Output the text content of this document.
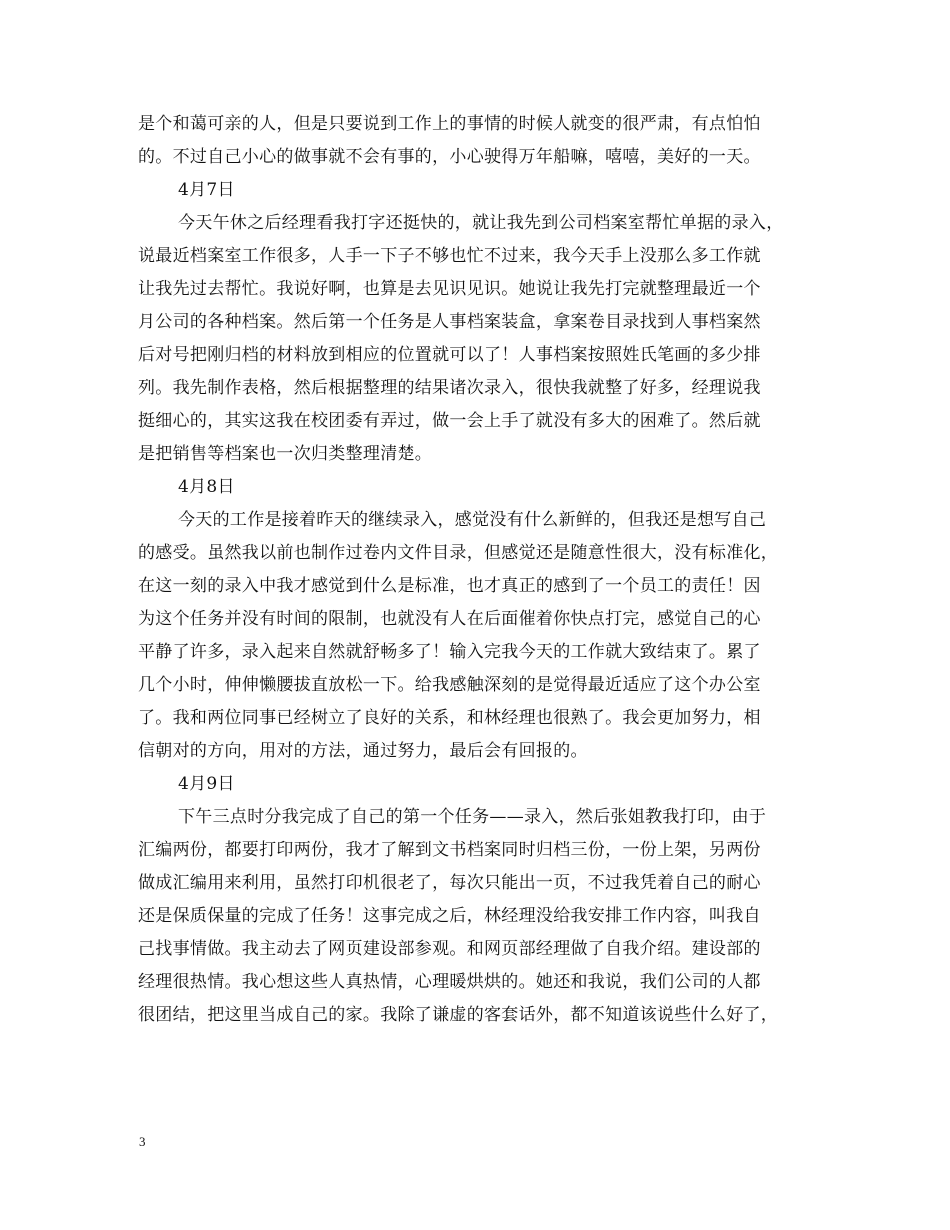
是个和蔼可亲的人，但是只要说到工作上的事情的时候人就变的很严肃，有点怕怕
的。不过自己小心的做事就不会有事的，小心驶得万年船嘛，嘻嘻，美好的一天。
4月7日
今天午休之后经理看我打字还挺快的，就让我先到公司档案室帮忙单据的录入，
说最近档案室工作很多，人手一下子不够也忙不过来，我今天手上没那么多工作就
让我先过去帮忙。我说好啊，也算是去见识见识。她说让我先打完就整理最近一个
月公司的各种档案。然后第一个任务是人事档案装盒，拿案卷目录找到人事档案然
后对号把刚归档的材料放到相应的位置就可以了！人事档案按照姓氏笔画的多少排
列。我先制作表格，然后根据整理的结果诸次录入，很快我就整了好多，经理说我
挺细心的，其实这我在校团委有弄过，做一会上手了就没有多大的困难了。然后就
是把销售等档案也一次归类整理清楚。
4月8日
今天的工作是接着昨天的继续录入，感觉没有什么新鲜的，但我还是想写自己
的感受。虽然我以前也制作过卷内文件目录，但感觉还是随意性很大，没有标准化，
在这一刻的录入中我才感觉到什么是标准，也才真正的感到了一个员工的责任！因
为这个任务并没有时间的限制，也就没有人在后面催着你快点打完，感觉自己的心
平静了许多，录入起来自然就舒畅多了！输入完我今天的工作就大致结束了。累了
几个小时，伸伸懒腰拔直放松一下。给我感触深刻的是觉得最近适应了这个办公室
了。我和两位同事已经树立了良好的关系，和林经理也很熟了。我会更加努力，相
信朝对的方向，用对的方法，通过努力，最后会有回报的。
4月9日
下午三点时分我完成了自己的第一个任务——录入，然后张姐教我打印，由于
汇编两份，都要打印两份，我才了解到文书档案同时归档三份，一份上架，另两份
做成汇编用来利用，虽然打印机很老了，每次只能出一页，不过我凭着自己的耐心
还是保质保量的完成了任务！这事完成之后，林经理没给我安排工作内容，叫我自
己找事情做。我主动去了网页建设部参观。和网页部经理做了自我介绍。建设部的
经理很热情。我心想这些人真热情，心理暖烘烘的。她还和我说，我们公司的人都
很团结，把这里当成自己的家。我除了谦虚的客套话外，都不知道该说些什么好了，
3
